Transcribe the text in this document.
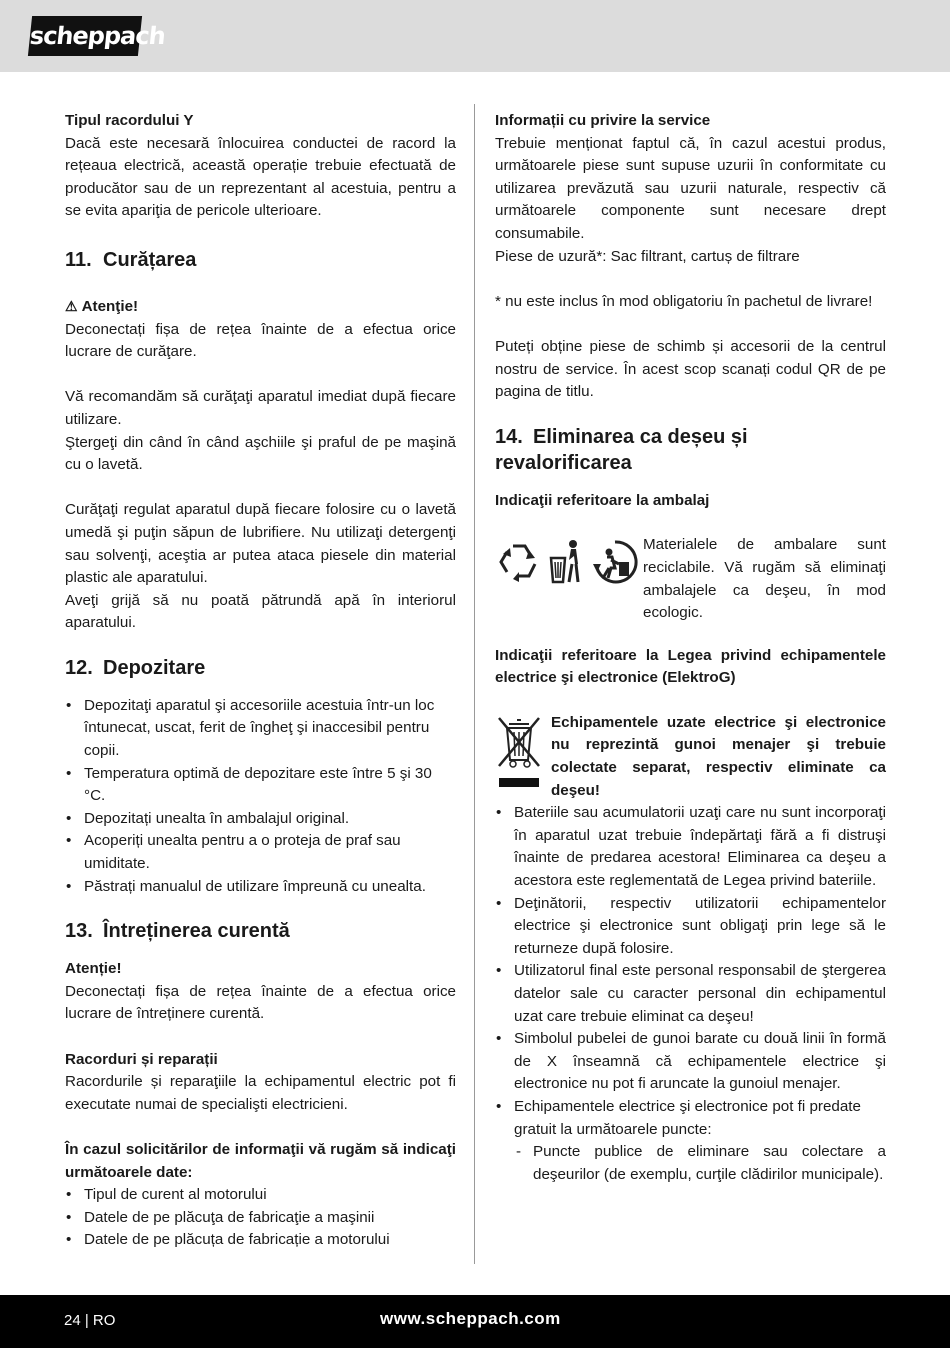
scheppach

Tipul racordului Y

Dacă este necesară înlocuirea conductei de racord la rețeaua electrică, această operație trebuie efectuată de producător sau de un reprezentant al acestuia, pentru a se evita apariţia de pericole ulterioare.

11. Curățarea

⚠ Atenţie!

Deconectați fișa de rețea înainte de a efectua orice lucrare de curăţare.

Vă recomandăm să curăţaţi aparatul imediat după fiecare utilizare.

Ştergeţi din când în când aşchiile şi praful de pe maşină cu o lavetă.

Curăţaţi regulat aparatul după fiecare folosire cu o lavetă umedă şi puţin săpun de lubrifiere. Nu utilizaţi detergenţi sau solvenţi, aceştia ar putea ataca piesele din material plastic ale aparatului.

Aveţi grijă să nu poată pătrundă apă în interiorul aparatului.

12. Depozitare
• Depozitaţi aparatul şi accesoriile acestuia într-un loc întunecat, uscat, ferit de îngheţ şi inaccesibil pentru copii.
• Temperatura optimă de depozitare este între 5 şi 30 °C.
• Depozitați unealta în ambalajul original.
• Acoperiți unealta pentru a o proteja de praf sau umiditate.
• Păstrați manualul de utilizare împreună cu unealta.
13. Întreținerea curentă

Atenție!

Deconectați fișa de rețea înainte de a efectua orice lucrare de întreținere curentă.

Racorduri și reparații

Racordurile și reparaţiile la echipamentul electric pot fi executate numai de specialişti electricieni.

În cazul solicitărilor de informaţii vă rugăm să indicaţi următoarele date:

• Tipul de curent al motorului
• Datele de pe plăcuţa de fabricaţie a maşinii
• Datele de pe plăcuța de fabricație a motorului

Informații cu privire la service

Trebuie menționat faptul că, în cazul acestui produs, următoarele piese sunt supuse uzurii în conformitate cu utilizarea prevăzută sau uzurii naturale, respectiv că următoarele componente sunt necesare drept consumabile.

Piese de uzură*: Sac filtrant, cartuș de filtrare

* nu este inclus în mod obligatoriu în pachetul de livrare!

Puteți obține piese de schimb și accesorii de la centrul nostru de service. În acest scop scanați codul QR de pe pagina de titlu.

14. Eliminarea ca deșeu și revalorificarea

Indicaţii referitoare la ambalaj

Materialele de ambalare sunt reciclabile. Vă rugăm să eliminaţi ambalajele ca deşeu, în mod ecologic.

Indicaţii referitoare la Legea privind echipamentele electrice şi electronice (ElektroG)

Echipamentele uzate electrice şi electronice nu reprezintă gunoi menajer şi trebuie colectate separat, respectiv eliminate ca deşeu!

• Bateriile sau acumulatorii uzaţi care nu sunt incorporaţi în aparatul uzat trebuie îndepărtaţi fără a fi distruşi înainte de predarea acestora! Eliminarea ca deşeu a acestora este reglementată de Legea privind bateriile.
• Deţinătorii, respectiv utilizatorii echipamentelor electrice şi electronice sunt obligaţi prin lege să le returneze după folosire.
• Utilizatorul final este personal responsabil de ştergerea datelor sale cu caracter personal din echipamentul uzat care trebuie eliminat ca deşeu!
• Simbolul pubelei de gunoi barate cu două linii în formă de X înseamnă că echipamentele electrice şi electronice nu pot fi aruncate la gunoiul menajer.
• Echipamentele electrice şi electronice pot fi predate gratuit la următoarele puncte:
- Puncte publice de eliminare sau colectare a deşeurilor (de exemplu, curţile clădirilor municipale).
24 | RO	www.scheppach.com
